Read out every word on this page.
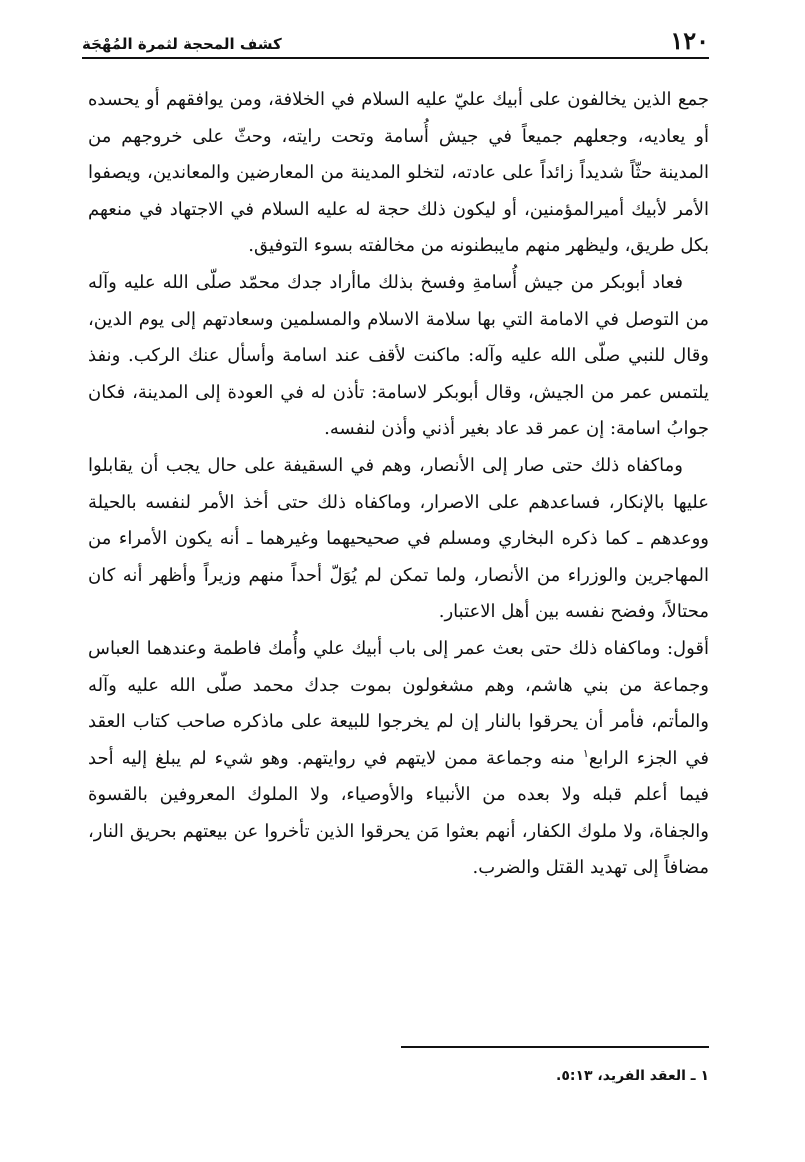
١٢٠
كشف المحجة لثمرة المُهْجَة

جمع الذين يخالفون على أبيك عليّ عليه السلام في الخلافة، ومن يوافقهم أو يحسده أو يعاديه، وجعلهم جميعاً في جيش أُسامة وتحت رايته، وحثّ على خروجهم من المدينة حثّاً شديداً زائداً على عادته، لتخلو المدينة من المعارضين والمعاندين، ويصفوا الأمر لأبيك أميرالمؤمنين، أو ليكون ذلك حجة له عليه السلام في الاجتهاد في منعهم بكل طريق، وليظهر منهم مايبطنونه من مخالفته بسوء التوفيق.

فعاد أبوبكر من جيش أُسامةِ وفسخ بذلك ماأراد جدك محمّد صلّى الله عليه وآله من التوصل في الامامة التي بها سلامة الاسلام والمسلمين وسعادتهم إلى يوم الدين، وقال للنبي صلّى الله عليه وآله: ماكنت لأقف عند اسامة وأسأل عنك الركب. ونفذ يلتمس عمر من الجيش، وقال أبوبكر لاسامة: تأذن له في العودة إلى المدينة، فكان جوابُ اسامة: إن عمر قد عاد بغير أذني وأذن لنفسه.

وماكفاه ذلك حتى صار إلى الأنصار، وهم في السقيفة على حال يجب أن يقابلوا عليها بالإنكار، فساعدهم على الاصرار، وماكفاه ذلك حتى أخذ الأمر لنفسه بالحيلة ووعدهم ـ كما ذكره البخاري ومسلم في صحيحيهما وغيرهما ـ أنه يكون الأمراء من المهاجرين والوزراء من الأنصار، ولما تمكن لم يُوَلّ أحداً منهم وزيراً وأظهر أنه كان محتالاً، وفضح نفسه بين أهل الاعتبار.

أقول: وماكفاه ذلك حتى بعث عمر إلى باب أبيك علي وأُمك فاطمة وعندهما العباس وجماعة من بني هاشم، وهم مشغولون بموت جدك محمد صلّى الله عليه وآله والمأتم، فأمر أن يحرقوا بالنار إن لم يخرجوا للبيعة على ماذكره صاحب كتاب العقد في الجزء الرابع$^١$ منه وجماعة ممن لايتهم في روايتهم. وهو شيء لم يبلغ إليه أحد فيما أعلم قبله ولا بعده من الأنبياء والأوصياء، ولا الملوك المعروفين بالقسوة والجفاة، ولا ملوك الكفار، أنهم بعثوا مَن يحرقوا الذين تأخروا عن بيعتهم بحريق النار، مضافاً إلى تهديد القتل والضرب.

١ ـ العقد الفريد، ٥:١٣.
